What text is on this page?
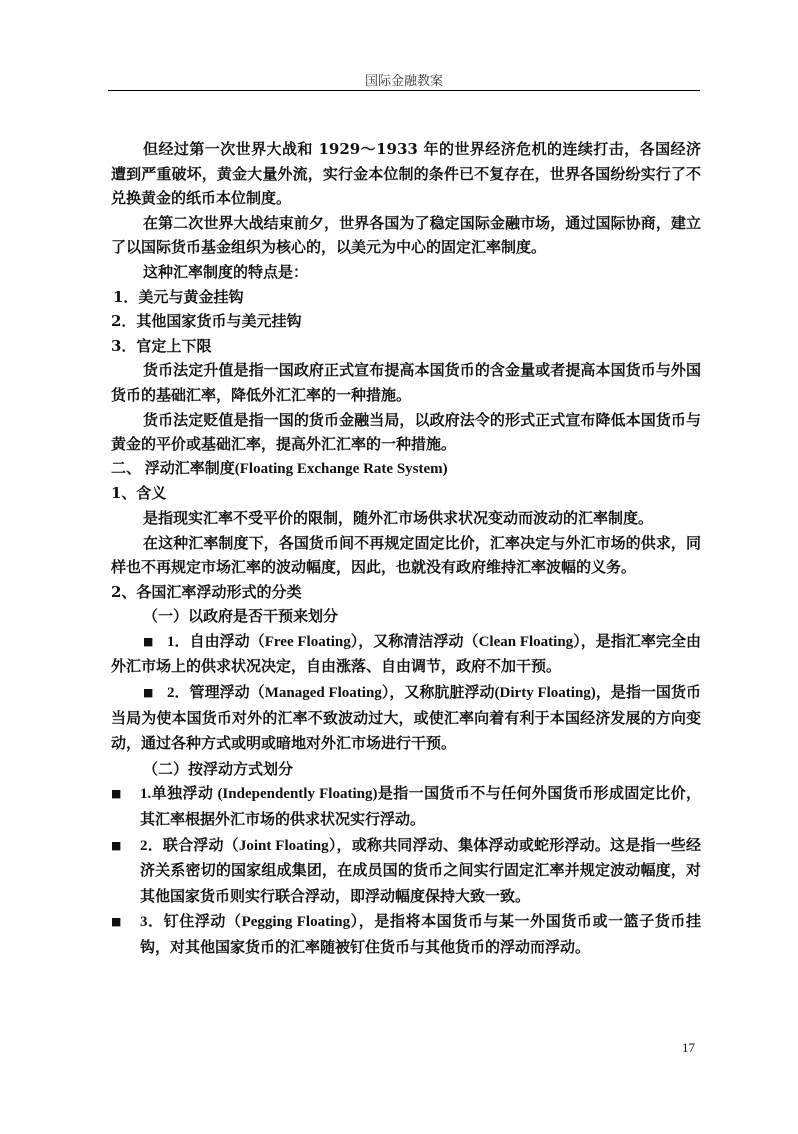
国际金融教案

但经过第一次世界大战和 1929～1933 年的世界经济危机的连续打击，各国经济遭到严重破坏，黄金大量外流，实行金本位制的条件已不复存在，世界各国纷纷实行了不兑换黄金的纸币本位制度。

在第二次世界大战结束前夕，世界各国为了稳定国际金融市场，通过国际协商，建立了以国际货币基金组织为核心的，以美元为中心的固定汇率制度。

这种汇率制度的特点是：

1．美元与黄金挂钩

2．其他国家货币与美元挂钩

3．官定上下限

货币法定升值是指一国政府正式宣布提高本国货币的含金量或者提高本国货币与外国货币的基础汇率，降低外汇汇率的一种措施。

货币法定贬值是指一国的货币金融当局，以政府法令的形式正式宣布降低本国货币与黄金的平价或基础汇率，提高外汇汇率的一种措施。

二、 浮动汇率制度(Floating Exchange Rate System)

1、含义

是指现实汇率不受平价的限制，随外汇市场供求状况变动而波动的汇率制度。

在这种汇率制度下，各国货币间不再规定固定比价，汇率决定与外汇市场的供求，同样也不再规定市场汇率的波动幅度，因此，也就没有政府维持汇率波幅的义务。

2、各国汇率浮动形式的分类

（一）以政府是否干预来划分

■ 1．自由浮动（Free Floating），又称清洁浮动（Clean Floating），是指汇率完全由外汇市场上的供求状况决定，自由涨落、自由调节，政府不加干预。

■ 2．管理浮动（Managed Floating），又称肮脏浮动(Dirty Floating)，是指一国货币当局为使本国货币对外的汇率不致波动过大，或使汇率向着有利于本国经济发展的方向变动，通过各种方式或明或暗地对外汇市场进行干预。

（二）按浮动方式划分

■ 1.单独浮动 (Independently Floating)是指一国货币不与任何外国货币形成固定比价，其汇率根据外汇市场的供求状况实行浮动。

■ 2．联合浮动（Joint Floating），或称共同浮动、集体浮动或蛇形浮动。这是指一些经济关系密切的国家组成集团，在成员国的货币之间实行固定汇率并规定波动幅度，对其他国家货币则实行联合浮动，即浮动幅度保持大致一致。

■ 3．钉住浮动（Pegging Floating），是指将本国货币与某一外国货币或一篮子货币挂钩，对其他国家货币的汇率随被钉住货币与其他货币的浮动而浮动。

17
